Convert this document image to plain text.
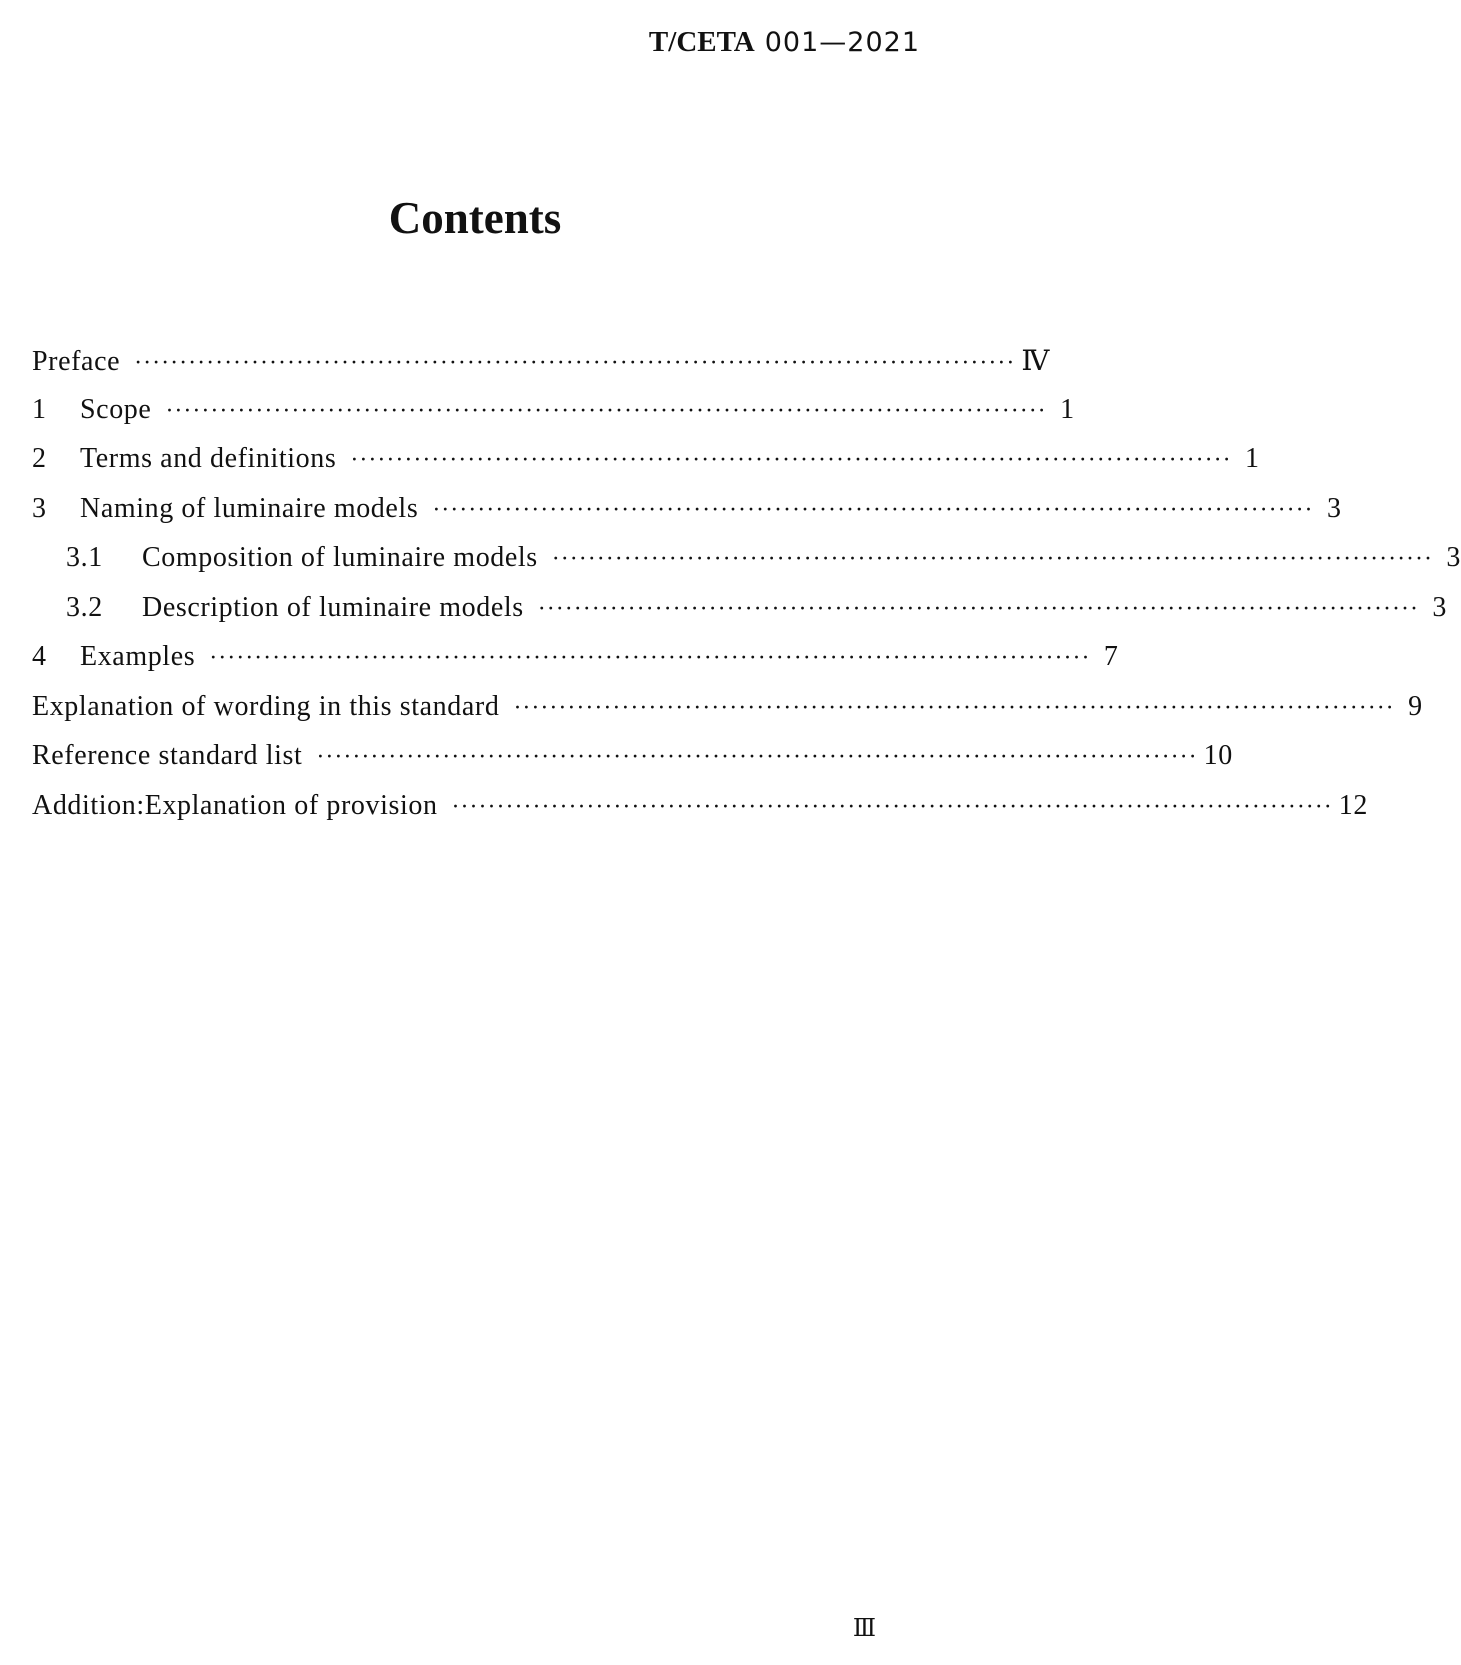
T/CETA 001—2021
Contents
Preface ·································································································· Ⅳ
1	Scope ·································································································· 1
2	Terms and definitions ·································································································· 1
3	Naming of luminaire models ·································································································· 3
3.1	Composition of luminaire models ·································································································· 3
3.2	Description of luminaire models ·································································································· 3
4	Examples ·································································································· 7
Explanation of wording in this standard ·································································································· 9
Reference standard list ·································································································· 10
Addition:Explanation of provision ·································································································· 12
Ⅲ
